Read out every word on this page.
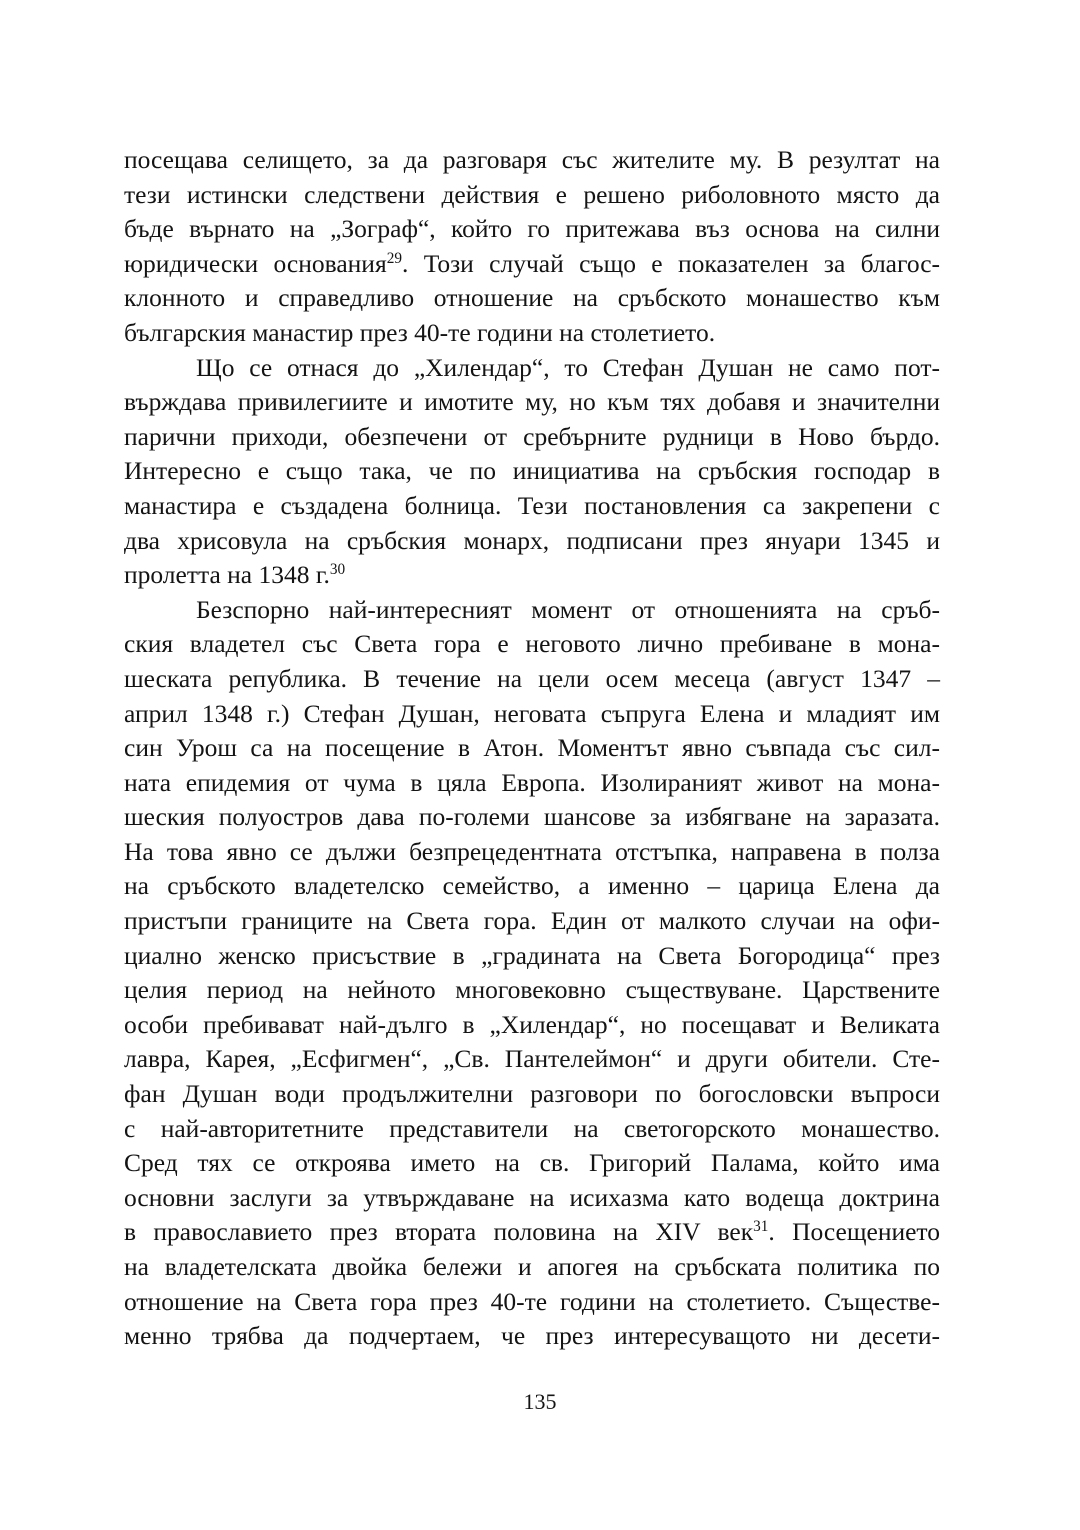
посещава селището, за да разговаря със жителите му. В резултат на
тези истински следствени действия е решено риболовното място да
бъде върнато на „Зограф“, който го притежава въз основа на силни
юридически основания$^{29}$. Този случай също е показателен за благос-
клонното и справедливо отношение на сръбското монашество към
българския манастир през 40-те години на столетието.
Що се отнася до „Хилендар“, то Стефан Душан не само пот-
върждава привилегиите и имотите му, но към тях добавя и значителни
парични приходи, обезпечени от сребърните рудници в Ново бърдо.
Интересно е също така, че по инициатива на сръбския господар в
манастира е създадена болница. Тези постановления са закрепени с
два хрисовула на сръбския монарх, подписани през януари 1345 и
пролетта на 1348 г.$^{30}$
Безспорно най-интересният момент от отношенията на сръб-
ския владетел със Света гора е неговото лично пребиване в мона-
шеската република. В течение на цели осем месеца (август 1347 –
април 1348 г.) Стефан Душан, неговата съпруга Елена и младият им
син Урош са на посещение в Атон. Моментът явно съвпада със сил-
ната епидемия от чума в цяла Европа. Изолираният живот на мона-
шеския полуостров дава по-големи шансове за избягване на заразата.
На това явно се дължи безпрецедентната отстъпка, направена в полза
на сръбското владетелско семейство, а именно – царица Елена да
пристъпи границите на Света гора. Един от малкото случаи на офи-
циално женско присъствие в „градината на Света Богородица“ през
целия период на нейното многовековно съществуване. Царствените
особи пребивават най-дълго в „Хилендар“, но посещават и Великата
лавра, Карея, „Есфигмен“, „Св. Пантелеймон“ и други обители. Сте-
фан Душан води продължителни разговори по богословски въпроси
с най-авторитетните представители на светогорското монашество.
Сред тях се откроява името на св. Григорий Палама, който има
основни заслуги за утвърждаване на исихазма като водеща доктрина
в православието през втората половина на XIV век$^{31}$. Посещението
на владетелската двойка бележи и апогея на сръбската политика по
отношение на Света гора през 40-те години на столетието. Съществе-
менно трябва да подчертаем, че през интересуващото ни десети-
135
